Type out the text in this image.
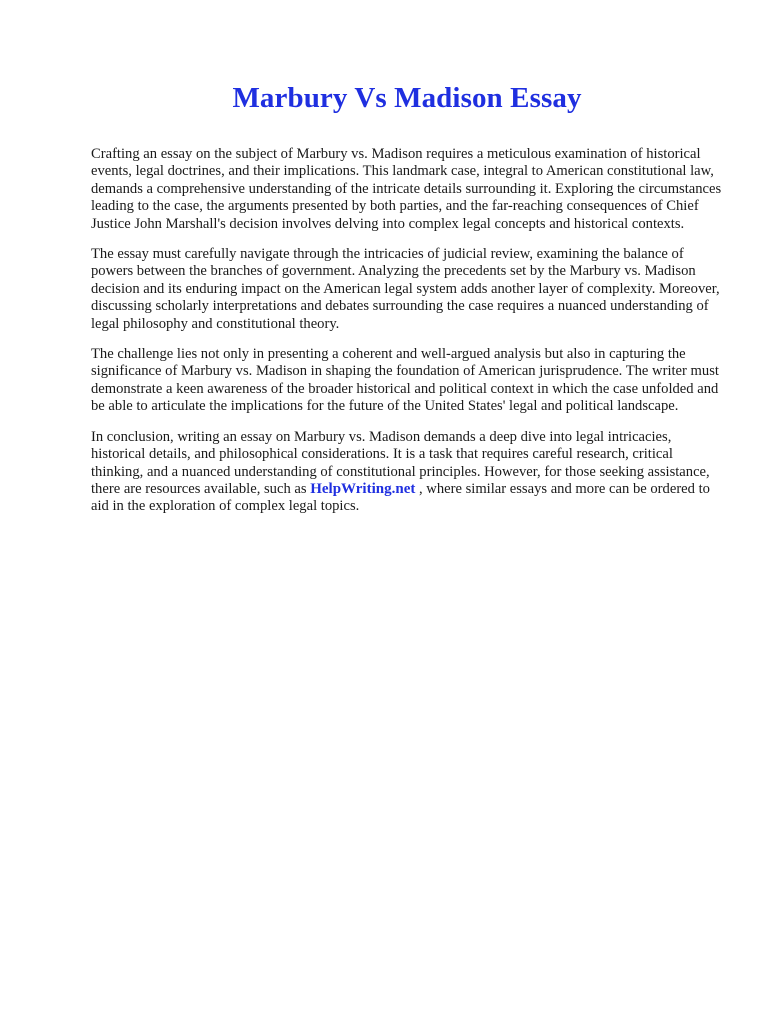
Marbury Vs Madison Essay

Crafting an essay on the subject of Marbury vs. Madison requires a meticulous examination of historical events, legal doctrines, and their implications. This landmark case, integral to American constitutional law, demands a comprehensive understanding of the intricate details surrounding it. Exploring the circumstances leading to the case, the arguments presented by both parties, and the far-reaching consequences of Chief Justice John Marshall's decision involves delving into complex legal concepts and historical contexts.

The essay must carefully navigate through the intricacies of judicial review, examining the balance of powers between the branches of government. Analyzing the precedents set by the Marbury vs. Madison decision and its enduring impact on the American legal system adds another layer of complexity. Moreover, discussing scholarly interpretations and debates surrounding the case requires a nuanced understanding of legal philosophy and constitutional theory.

The challenge lies not only in presenting a coherent and well-argued analysis but also in capturing the significance of Marbury vs. Madison in shaping the foundation of American jurisprudence. The writer must demonstrate a keen awareness of the broader historical and political context in which the case unfolded and be able to articulate the implications for the future of the United States' legal and political landscape.

In conclusion, writing an essay on Marbury vs. Madison demands a deep dive into legal intricacies, historical details, and philosophical considerations. It is a task that requires careful research, critical thinking, and a nuanced understanding of constitutional principles. However, for those seeking assistance, there are resources available, such as HelpWriting.net , where similar essays and more can be ordered to aid in the exploration of complex legal topics.
